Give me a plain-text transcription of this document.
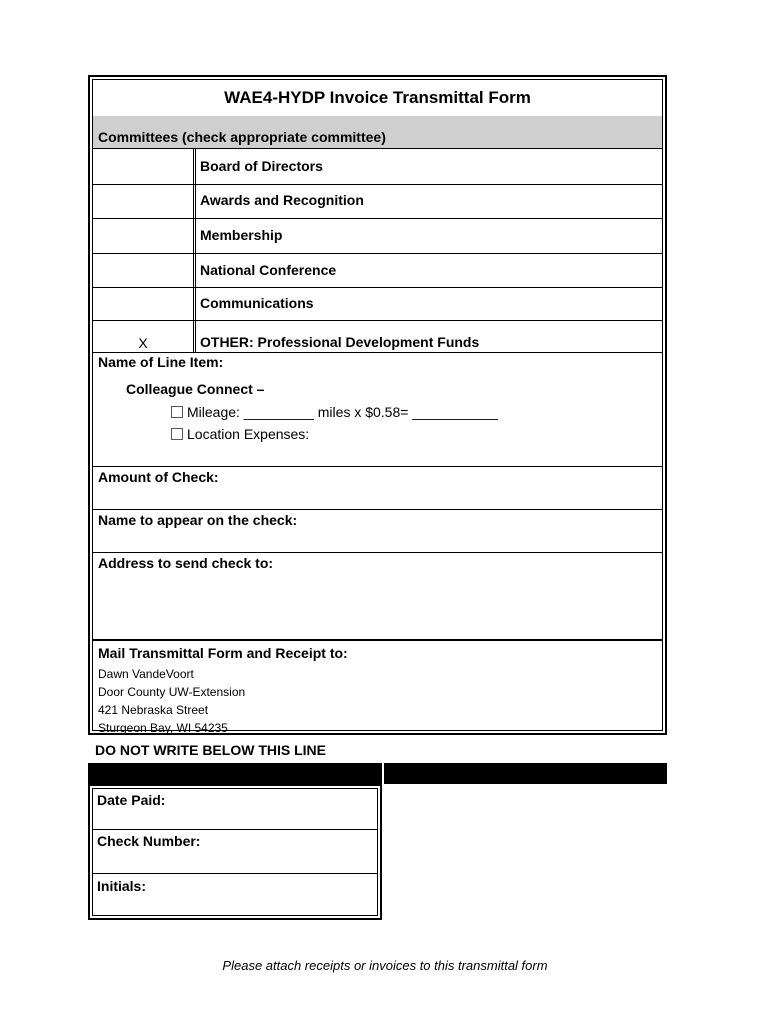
WAE4-HYDP Invoice Transmittal Form
Committees (check appropriate committee)
Board of Directors
Awards and Recognition
Membership
National Conference
Communications
X	OTHER: Professional Development Funds
Name of Line Item:
Colleague Connect –
Mileage: _________ miles x $0.58= ___________
Location Expenses:
Amount of Check:
Name to appear on the check:
Address to send check to:
Mail Transmittal Form and Receipt to:
Dawn VandeVoort
Door County UW-Extension
421 Nebraska Street
Sturgeon Bay, WI 54235
DO NOT WRITE BELOW THIS LINE
Date Paid:
Check Number:
Initials:
Please attach receipts or invoices to this transmittal form
